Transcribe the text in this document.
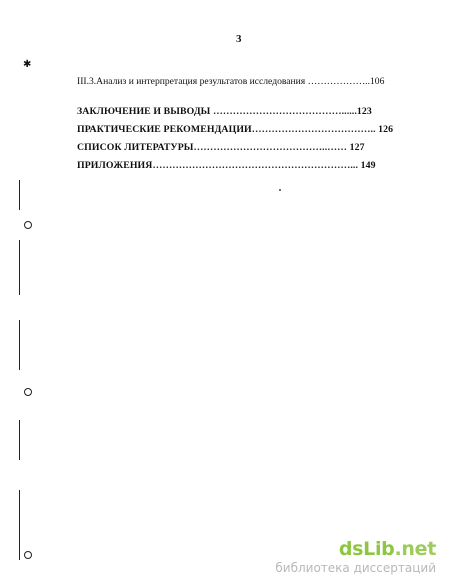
3
✱
III.3.Анализ и интерпретация результатов исследования ………………..106
ЗАКЛЮЧЕНИЕ И ВЫВОДЫ …………………………………......123
ПРАКТИЧЕСКИЕ РЕКОМЕНДАЦИИ……………………………….. 126
СПИСОК ЛИТЕРАТУРЫ…………………………………..…… 127
ПРИЛОЖЕНИЯ……………………………………………………... 149
dsLib.net
библиотека диссертаций
